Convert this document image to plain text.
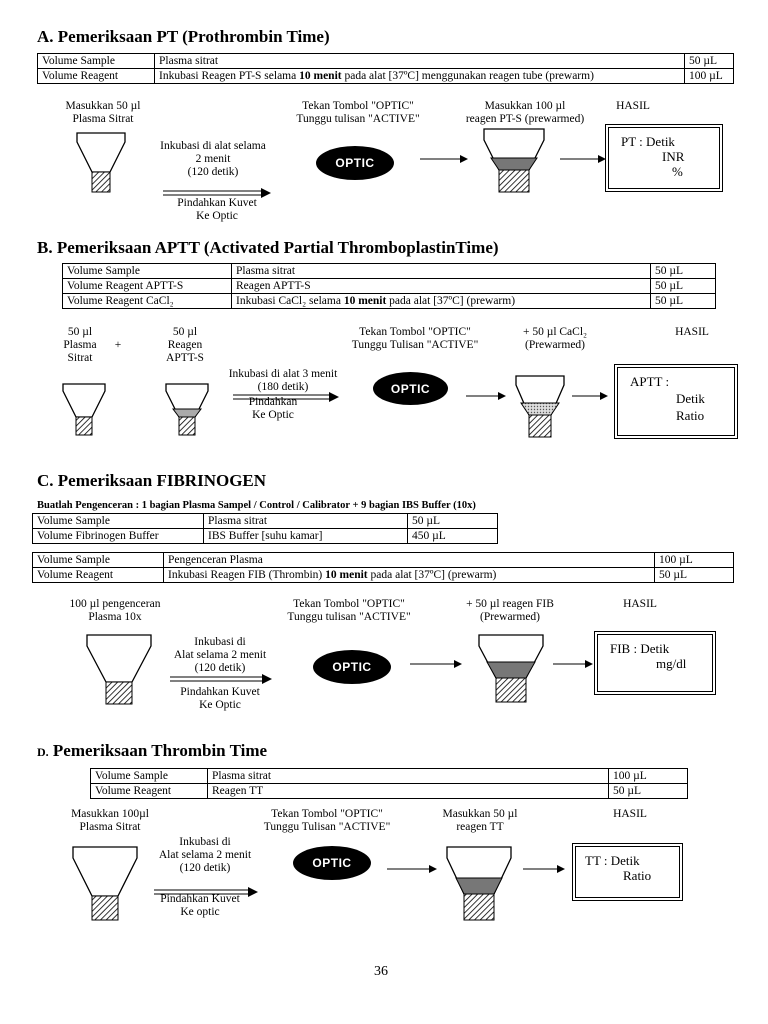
A. Pemeriksaan PT (Prothrombin Time)
Volume Sample	Plasma sitrat	50 µL
Volume Reagent	Inkubasi Reagen PT-S selama 10 menit pada alat [37ºC] menggunakan reagen tube (prewarm)	100 µL
Masukkan 50 µl
Plasma Sitrat
Inkubasi di alat selama
2 menit
(120 detik)
Pindahkan Kuvet
Ke Optic
Tekan Tombol "OPTIC"
Tunggu tulisan "ACTIVE"
OPTIC
Masukkan 100 µl
reagen PT-S (prewarmed)
HASIL
PT : Detik
INR
%
B. Pemeriksaan APTT (Activated Partial ThromboplastinTime)
Volume Sample	Plasma sitrat	50 µL
Volume Reagent APTT-S	Reagen APTT-S	50 µL
Volume Reagent CaCl₂	Inkubasi CaCl₂ selama 10 menit pada alat [37ºC] (prewarm)	50 µL
50 µl
Plasma
Sitrat
+
50 µl
Reagen
APTT-S
Inkubasi di alat 3 menit
(180 detik)
Pindahkan
Ke Optic
Tekan Tombol "OPTIC"
Tunggu Tulisan "ACTIVE"
OPTIC
+ 50 µl CaCl₂
(Prewarmed)
HASIL
APTT :
Detik
Ratio
C. Pemeriksaan FIBRINOGEN
Buatlah Pengenceran : 1 bagian Plasma Sampel / Control / Calibrator + 9 bagian IBS Buffer (10x)
Volume Sample	Plasma sitrat	50 µL
Volume Fibrinogen Buffer	IBS Buffer [suhu kamar]	450 µL
Volume Sample	Pengenceran Plasma	100 µL
Volume Reagent	Inkubasi Reagen FIB (Thrombin) 10 menit pada alat [37ºC] (prewarm)	50 µL
100 µl pengenceran
Plasma 10x
Inkubasi di
Alat selama 2 menit
(120 detik)
Pindahkan Kuvet
Ke Optic
Tekan Tombol "OPTIC"
Tunggu tulisan "ACTIVE"
OPTIC
+ 50 µl reagen FIB
(Prewarmed)
HASIL
FIB : Detik
mg/dl
D. Pemeriksaan Thrombin Time
Volume Sample	Plasma sitrat	100 µL
Volume Reagent	Reagen TT	50 µL
Masukkan 100µl
Plasma Sitrat
Inkubasi di
Alat selama 2 menit
(120 detik)
Pindahkan Kuvet
Ke optic
Tekan Tombol "OPTIC"
Tunggu Tulisan "ACTIVE"
OPTIC
Masukkan 50 µl
reagen TT
HASIL
TT : Detik
Ratio
36
